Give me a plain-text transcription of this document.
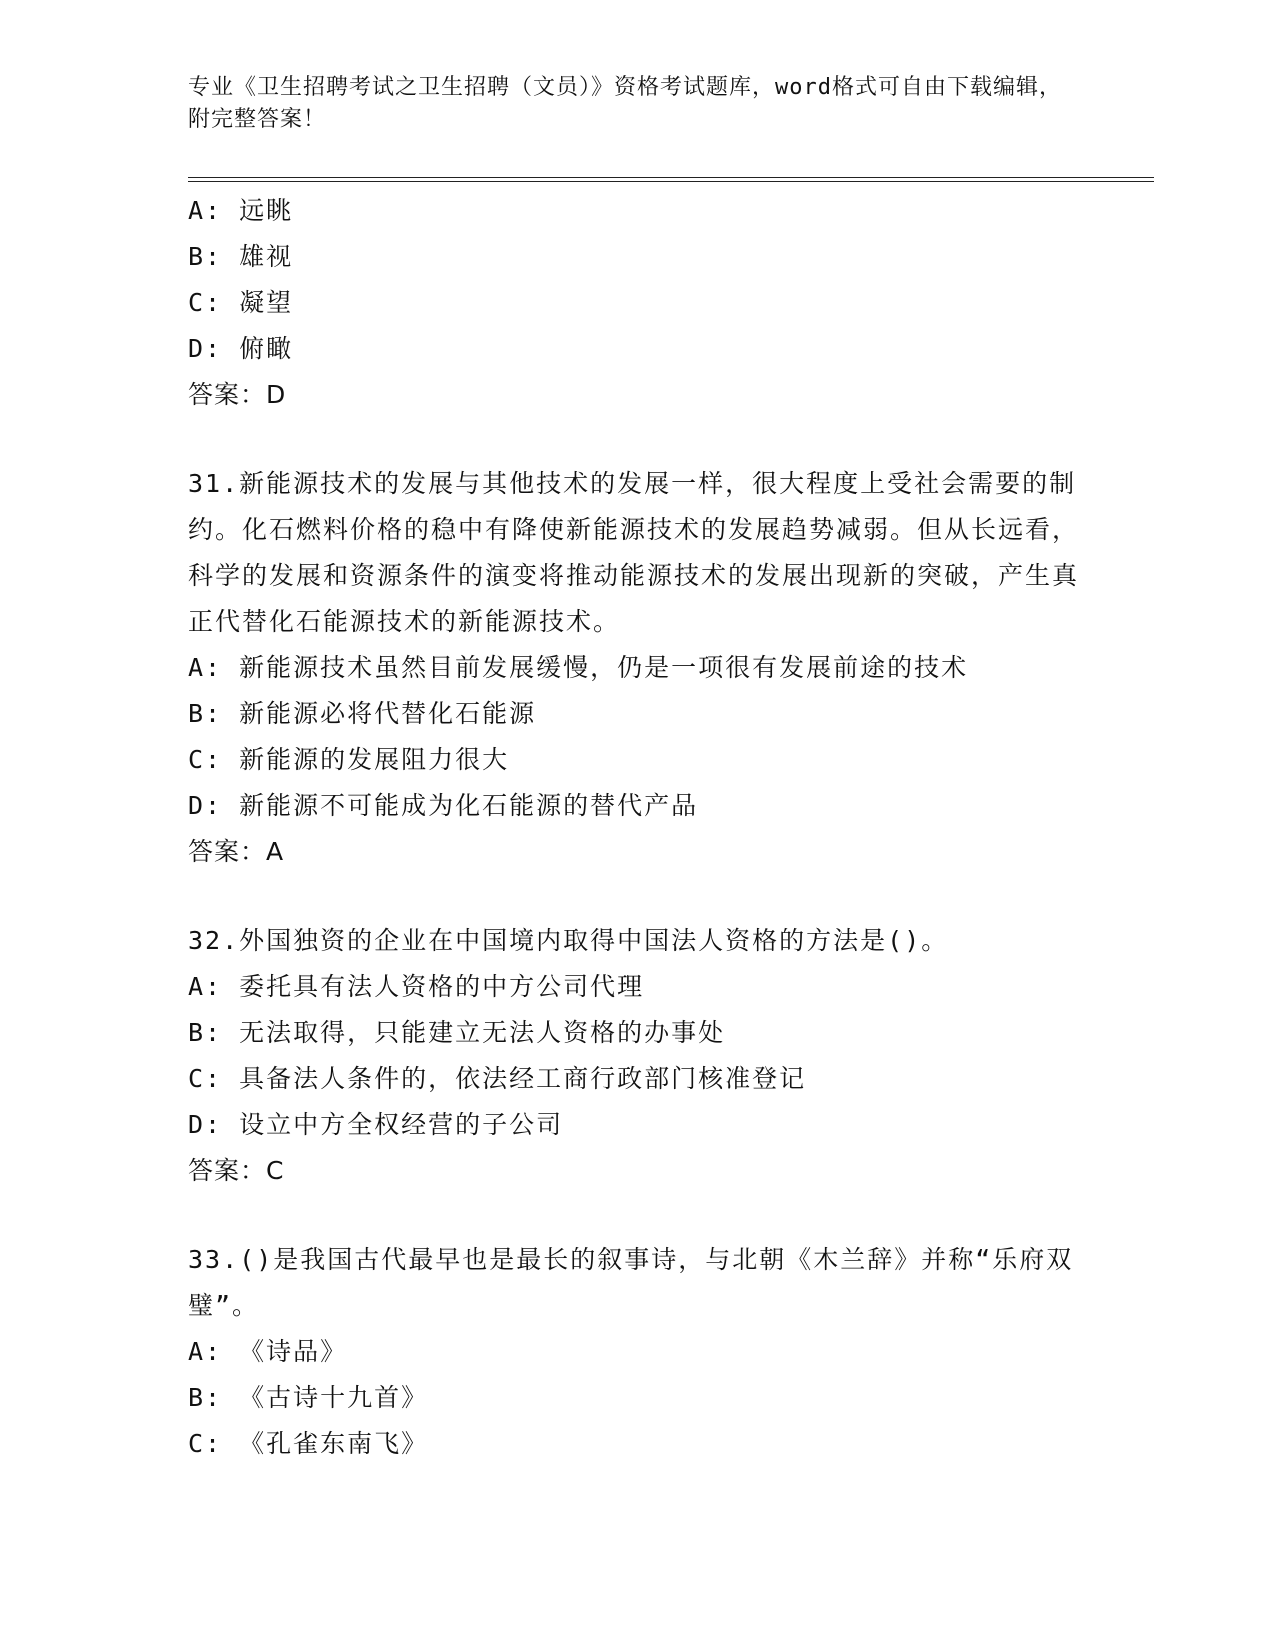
专业《卫生招聘考试之卫生招聘（文员）》资格考试题库，word格式可自由下载编辑，附完整答案！
A: 远眺
B: 雄视
C: 凝望
D: 俯瞰
答案：D
31.新能源技术的发展与其他技术的发展一样，很大程度上受社会需要的制约。化石燃料价格的稳中有降使新能源技术的发展趋势减弱。但从长远看，科学的发展和资源条件的演变将推动能源技术的发展出现新的突破，产生真正代替化石能源技术的新能源技术。
A: 新能源技术虽然目前发展缓慢，仍是一项很有发展前途的技术
B: 新能源必将代替化石能源
C: 新能源的发展阻力很大
D: 新能源不可能成为化石能源的替代产品
答案：A
32.外国独资的企业在中国境内取得中国法人资格的方法是()。
A: 委托具有法人资格的中方公司代理
B: 无法取得，只能建立无法人资格的办事处
C: 具备法人条件的，依法经工商行政部门核准登记
D: 设立中方全权经营的子公司
答案：C
33.()是我国古代最早也是最长的叙事诗，与北朝《木兰辞》并称“乐府双璧”。
A: 《诗品》
B: 《古诗十九首》
C: 《孔雀东南飞》
